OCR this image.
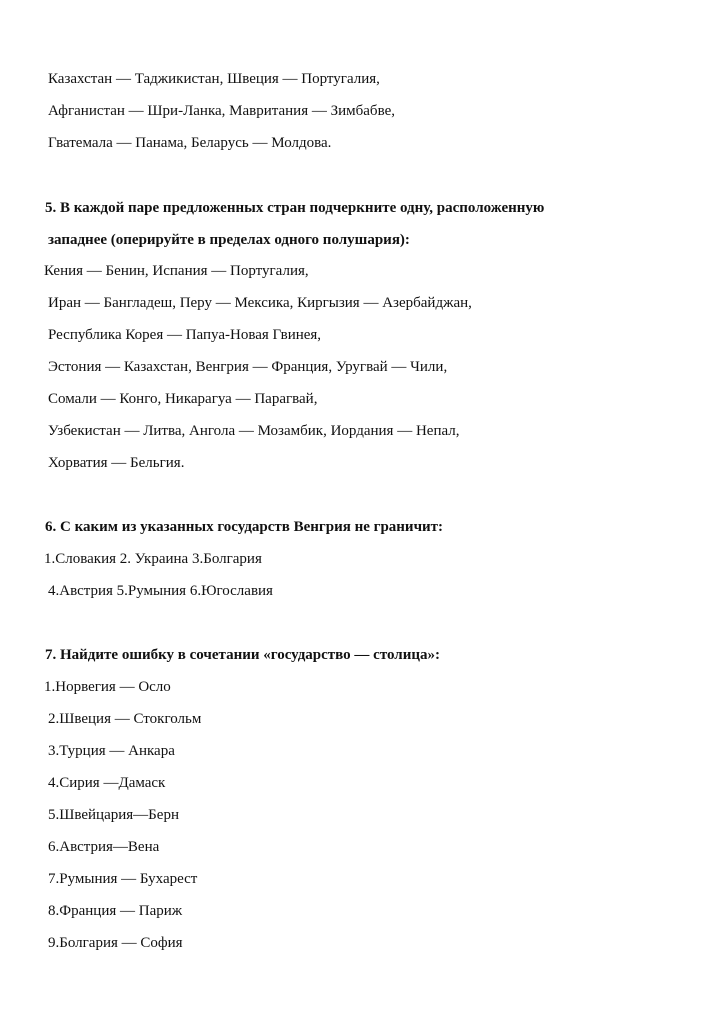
Казахстан — Таджикистан, Швеция — Португалия,
Афганистан — Шри-Ланка, Мавритания — Зимбабве,
Гватемала — Панама, Беларусь — Молдова.
5. В каждой паре предложенных стран подчеркните одну, расположенную
западнее (оперируйте в пределах одного полушария):
Кения — Бенин, Испания — Португалия,
Иран — Бангладеш, Перу — Мексика, Киргызия — Азербайджан,
Республика Корея — Папуа-Новая Гвинея,
Эстония — Казахстан, Венгрия — Франция, Уругвай — Чили,
Сомали — Конго, Никарагуа — Парагвай,
Узбекистан — Литва, Ангола — Мозамбик, Иордания — Непал,
Хорватия — Бельгия.
6. С каким из указанных государств Венгрия не граничит:
1.Словакия 2. Украина 3.Болгария
4.Австрия 5.Румыния 6.Югославия
7. Найдите ошибку в сочетании «государство — столица»:
1.Норвегия — Осло
2.Швеция — Стокгольм
3.Турция — Анкара
4.Сирия —Дамаск
5.Швейцария—Берн
6.Австрия—Вена
7.Румыния — Бухарест
8.Франция — Париж
9.Болгария — София
